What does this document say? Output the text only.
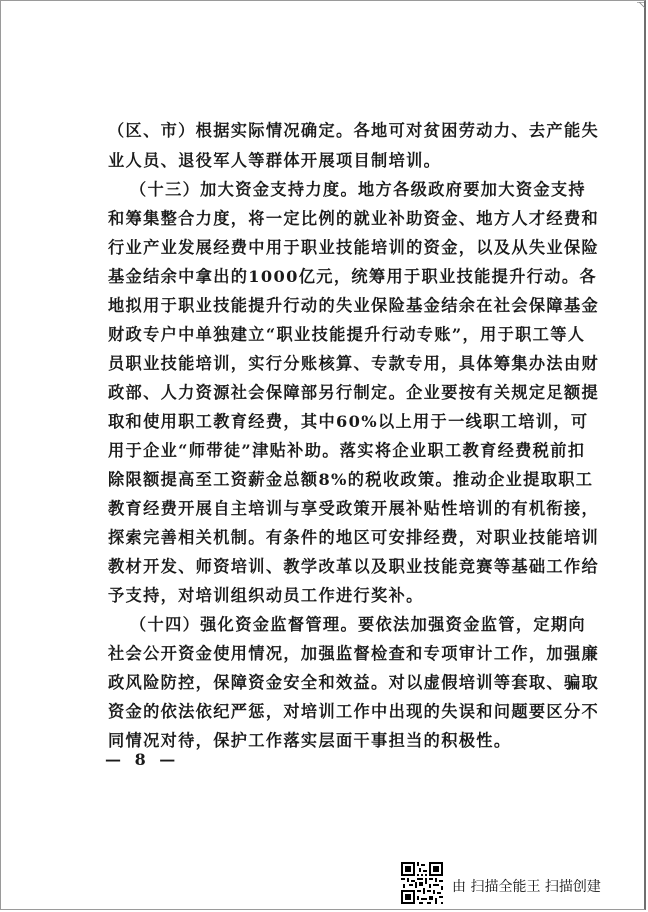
（区、市）根据实际情况确定。各地可对贫困劳动力、去产能失
业人员、退役军人等群体开展项目制培训。
（十三）加大资金支持力度。地方各级政府要加大资金支持
和筹集整合力度，将一定比例的就业补助资金、地方人才经费和
行业产业发展经费中用于职业技能培训的资金，以及从失业保险
基金结余中拿出的1000亿元，统筹用于职业技能提升行动。各
地拟用于职业技能提升行动的失业保险基金结余在社会保障基金
财政专户中单独建立“职业技能提升行动专账”，用于职工等人
员职业技能培训，实行分账核算、专款专用，具体筹集办法由财
政部、人力资源社会保障部另行制定。企业要按有关规定足额提
取和使用职工教育经费，其中60%以上用于一线职工培训，可
用于企业“师带徒”津贴补助。落实将企业职工教育经费税前扣
除限额提高至工资薪金总额8%的税收政策。推动企业提取职工
教育经费开展自主培训与享受政策开展补贴性培训的有机衔接，
探索完善相关机制。有条件的地区可安排经费，对职业技能培训
教材开发、师资培训、教学改革以及职业技能竞赛等基础工作给
予支持，对培训组织动员工作进行奖补。
（十四）强化资金监督管理。要依法加强资金监管，定期向
社会公开资金使用情况，加强监督检查和专项审计工作，加强廉
政风险防控，保障资金安全和效益。对以虚假培训等套取、骗取
资金的依法依纪严惩，对培训工作中出现的失误和问题要区分不
同情况对待，保护工作落实层面干事担当的积极性。
— 8 —
由 扫描全能王 扫描创建
